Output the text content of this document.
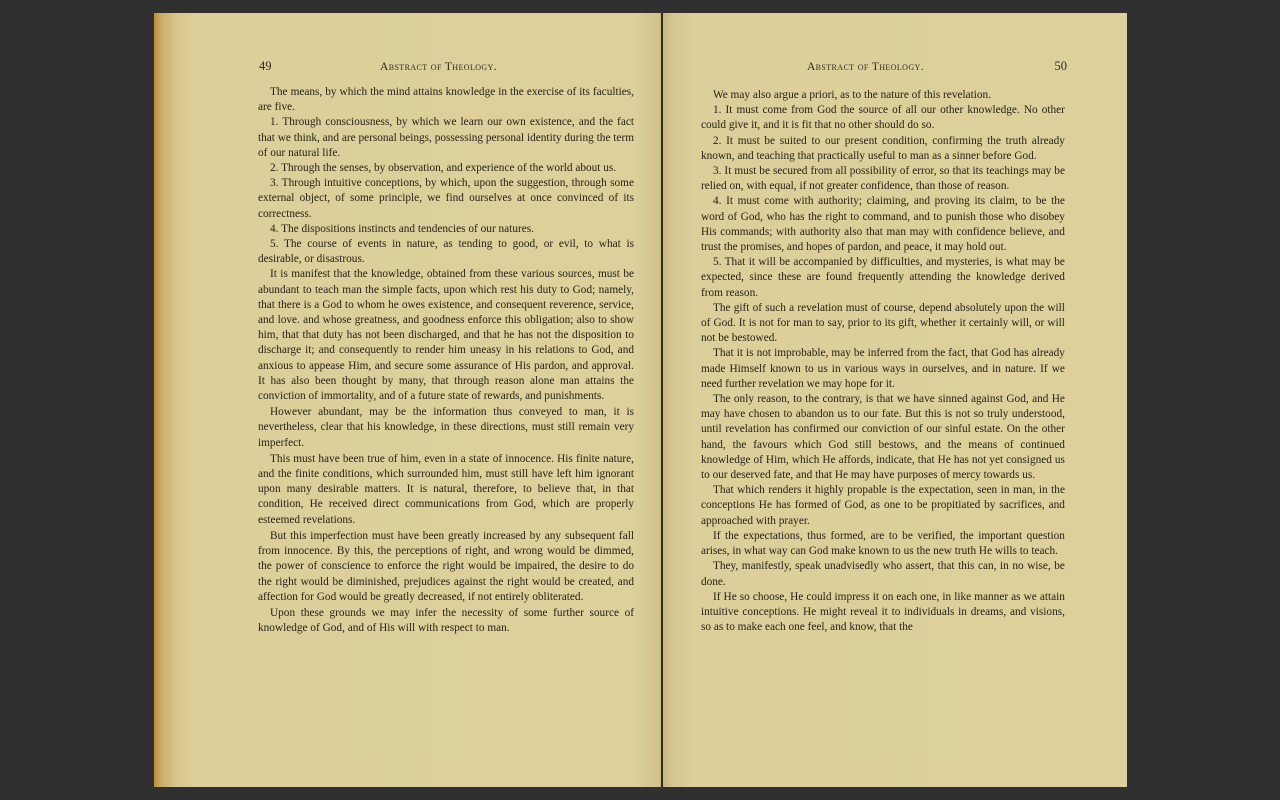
49	Abstract of Theology.

The means, by which the mind attains knowledge in the exercise of its faculties, are five.

1. Through consciousness, by which we learn our own existence, and the fact that we think, and are personal beings, possessing personal identity during the term of our natural life.

2. Through the senses, by observation, and experience of the world about us.

3. Through intuitive conceptions, by which, upon the suggestion, through some external object, of some principle, we find ourselves at once convinced of its correctness.

4. The dispositions instincts and tendencies of our natures.

5. The course of events in nature, as tending to good, or evil, to what is desirable, or disastrous.

It is manifest that the knowledge, obtained from these various sources, must be abundant to teach man the simple facts, upon which rest his duty to God; namely, that there is a God to whom he owes existence, and consequent reverence, service, and love. and whose greatness, and goodness enforce this obligation; also to show him, that that duty has not been discharged, and that he has not the disposition to discharge it; and consequently to render him uneasy in his relations to God, and anxious to appease Him, and secure some assurance of His pardon, and approval. It has also been thought by many, that through reason alone man attains the conviction of immortality, and of a future state of rewards, and punishments.

However abundant, may be the information thus conveyed to man, it is nevertheless, clear that his knowledge, in these directions, must still remain very imperfect.

This must have been true of him, even in a state of innocence. His finite nature, and the finite conditions, which surrounded him, must still have left him ignorant upon many desirable matters. It is natural, therefore, to believe that, in that condition, He received direct communications from God, which are properly esteemed revelations.

But this imperfection must have been greatly increased by any subsequent fall from innocence. By this, the perceptions of right, and wrong would be dimmed, the power of conscience to enforce the right would be impaired, the desire to do the right would be diminished, prejudices against the right would be created, and affection for God would be greatly decreased, if not entirely obliterated.

Upon these grounds we may infer the necessity of some further source of knowledge of God, and of His will with respect to man.

50
Abstract of Theology.

We may also argue a priori, as to the nature of this revelation.

1. It must come from God the source of all our other knowledge. No other could give it, and it is fit that no other should do so.

2. It must be suited to our present condition, confirming the truth already known, and teaching that practically useful to man as a sinner before God.

3. It must be secured from all possibility of error, so that its teachings may be relied on, with equal, if not greater confidence, than those of reason.

4. It must come with authority; claiming, and proving its claim, to be the word of God, who has the right to command, and to punish those who disobey His commands; with authority also that man may with confidence believe, and trust the promises, and hopes of pardon, and peace, it may hold out.

5. That it will be accompanied by difficulties, and mysteries, is what may be expected, since these are found frequently attending the knowledge derived from reason.

The gift of such a revelation must of course, depend absolutely upon the will of God. It is not for man to say, prior to its gift, whether it certainly will, or will not be bestowed.

That it is not improbable, may be inferred from the fact, that God has already made Himself known to us in various ways in ourselves, and in nature. If we need further revelation we may hope for it.

The only reason, to the contrary, is that we have sinned against God, and He may have chosen to abandon us to our fate. But this is not so truly understood, until revelation has confirmed our conviction of our sinful estate. On the other hand, the favours which God still bestows, and the means of continued knowledge of Him, which He affords, indicate, that He has not yet consigned us to our deserved fate, and that He may have purposes of mercy towards us.

That which renders it highly propable is the expectation, seen in man, in the conceptions He has formed of God, as one to be propitiated by sacrifices, and approached with prayer.

If the expectations, thus formed, are to be verified, the important question arises, in what way can God make known to us the new truth He wills to teach.

They, manifestly, speak unadvisedly who assert, that this can, in no wise, be done.

If He so choose, He could impress it on each one, in like manner as we attain intuitive conceptions. He might reveal it to individuals in dreams, and visions, so as to make each one feel, and know, that the
